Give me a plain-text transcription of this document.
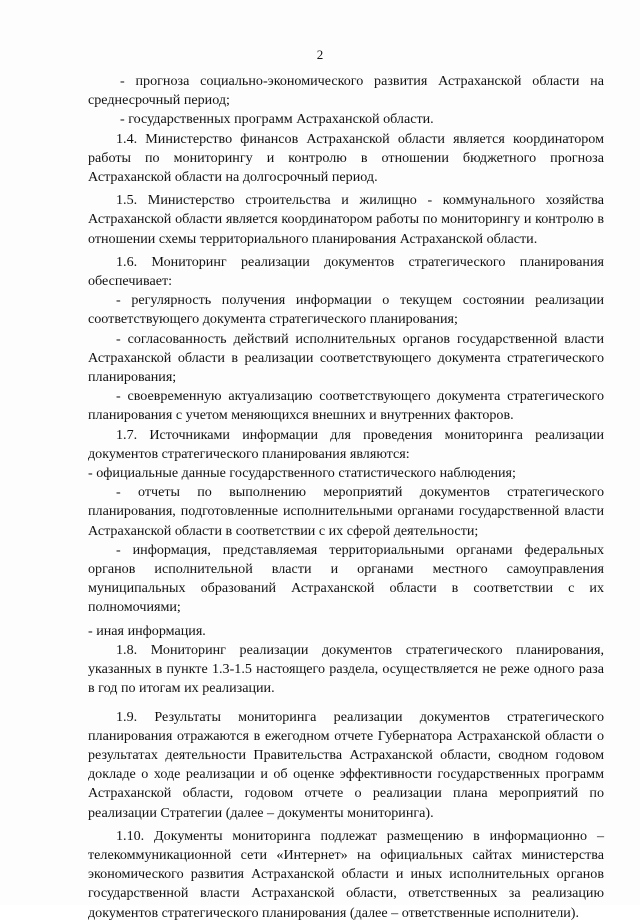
2

- прогноза социально-экономического развития Астраханской области на среднесрочный период;

- государственных программ Астраханской области.

1.4. Министерство финансов Астраханской области является координатором работы по мониторингу и контролю в отношении бюджетного прогноза Астраханской области на долгосрочный период.

1.5. Министерство строительства и жилищно - коммунального хозяйства Астраханской области является координатором работы по мониторингу и контролю в отношении схемы территориального планирования Астраханской области.

1.6. Мониторинг реализации документов стратегического планирования обеспечивает:

- регулярность получения информации о текущем состоянии реализации соответствующего документа стратегического планирования;

- согласованность действий исполнительных органов государственной власти Астраханской области в реализации соответствующего документа стратегического планирования;

- своевременную актуализацию соответствующего документа стратегического планирования с учетом меняющихся внешних и внутренних факторов.

1.7. Источниками информации для проведения мониторинга реализации документов стратегического планирования являются:

- официальные данные государственного статистического наблюдения;

- отчеты по выполнению мероприятий документов стратегического планирования, подготовленные исполнительными органами государственной власти Астраханской области в соответствии с их сферой деятельности;

- информация, представляемая территориальными органами федеральных органов исполнительной власти и органами местного самоуправления муниципальных образований Астраханской области в соответствии с их полномочиями;

- иная информация.

1.8. Мониторинг реализации документов стратегического планирования, указанных в пункте 1.3-1.5 настоящего раздела, осуществляется не реже одного раза в год по итогам их реализации.

1.9. Результаты мониторинга реализации документов стратегического планирования отражаются в ежегодном отчете Губернатора Астраханской области о результатах деятельности Правительства Астраханской области, сводном годовом докладе о ходе реализации и об оценке эффективности государственных программ Астраханской области, годовом отчете о реализации плана мероприятий по реализации Стратегии (далее – документы мониторинга).

1.10. Документы мониторинга подлежат размещению в информационно – телекоммуникационной сети «Интернет» на официальных сайтах министерства экономического развития Астраханской области и иных исполнительных органов государственной власти Астраханской области, ответственных за реализацию документов стратегического планирования (далее – ответственные исполнители).
